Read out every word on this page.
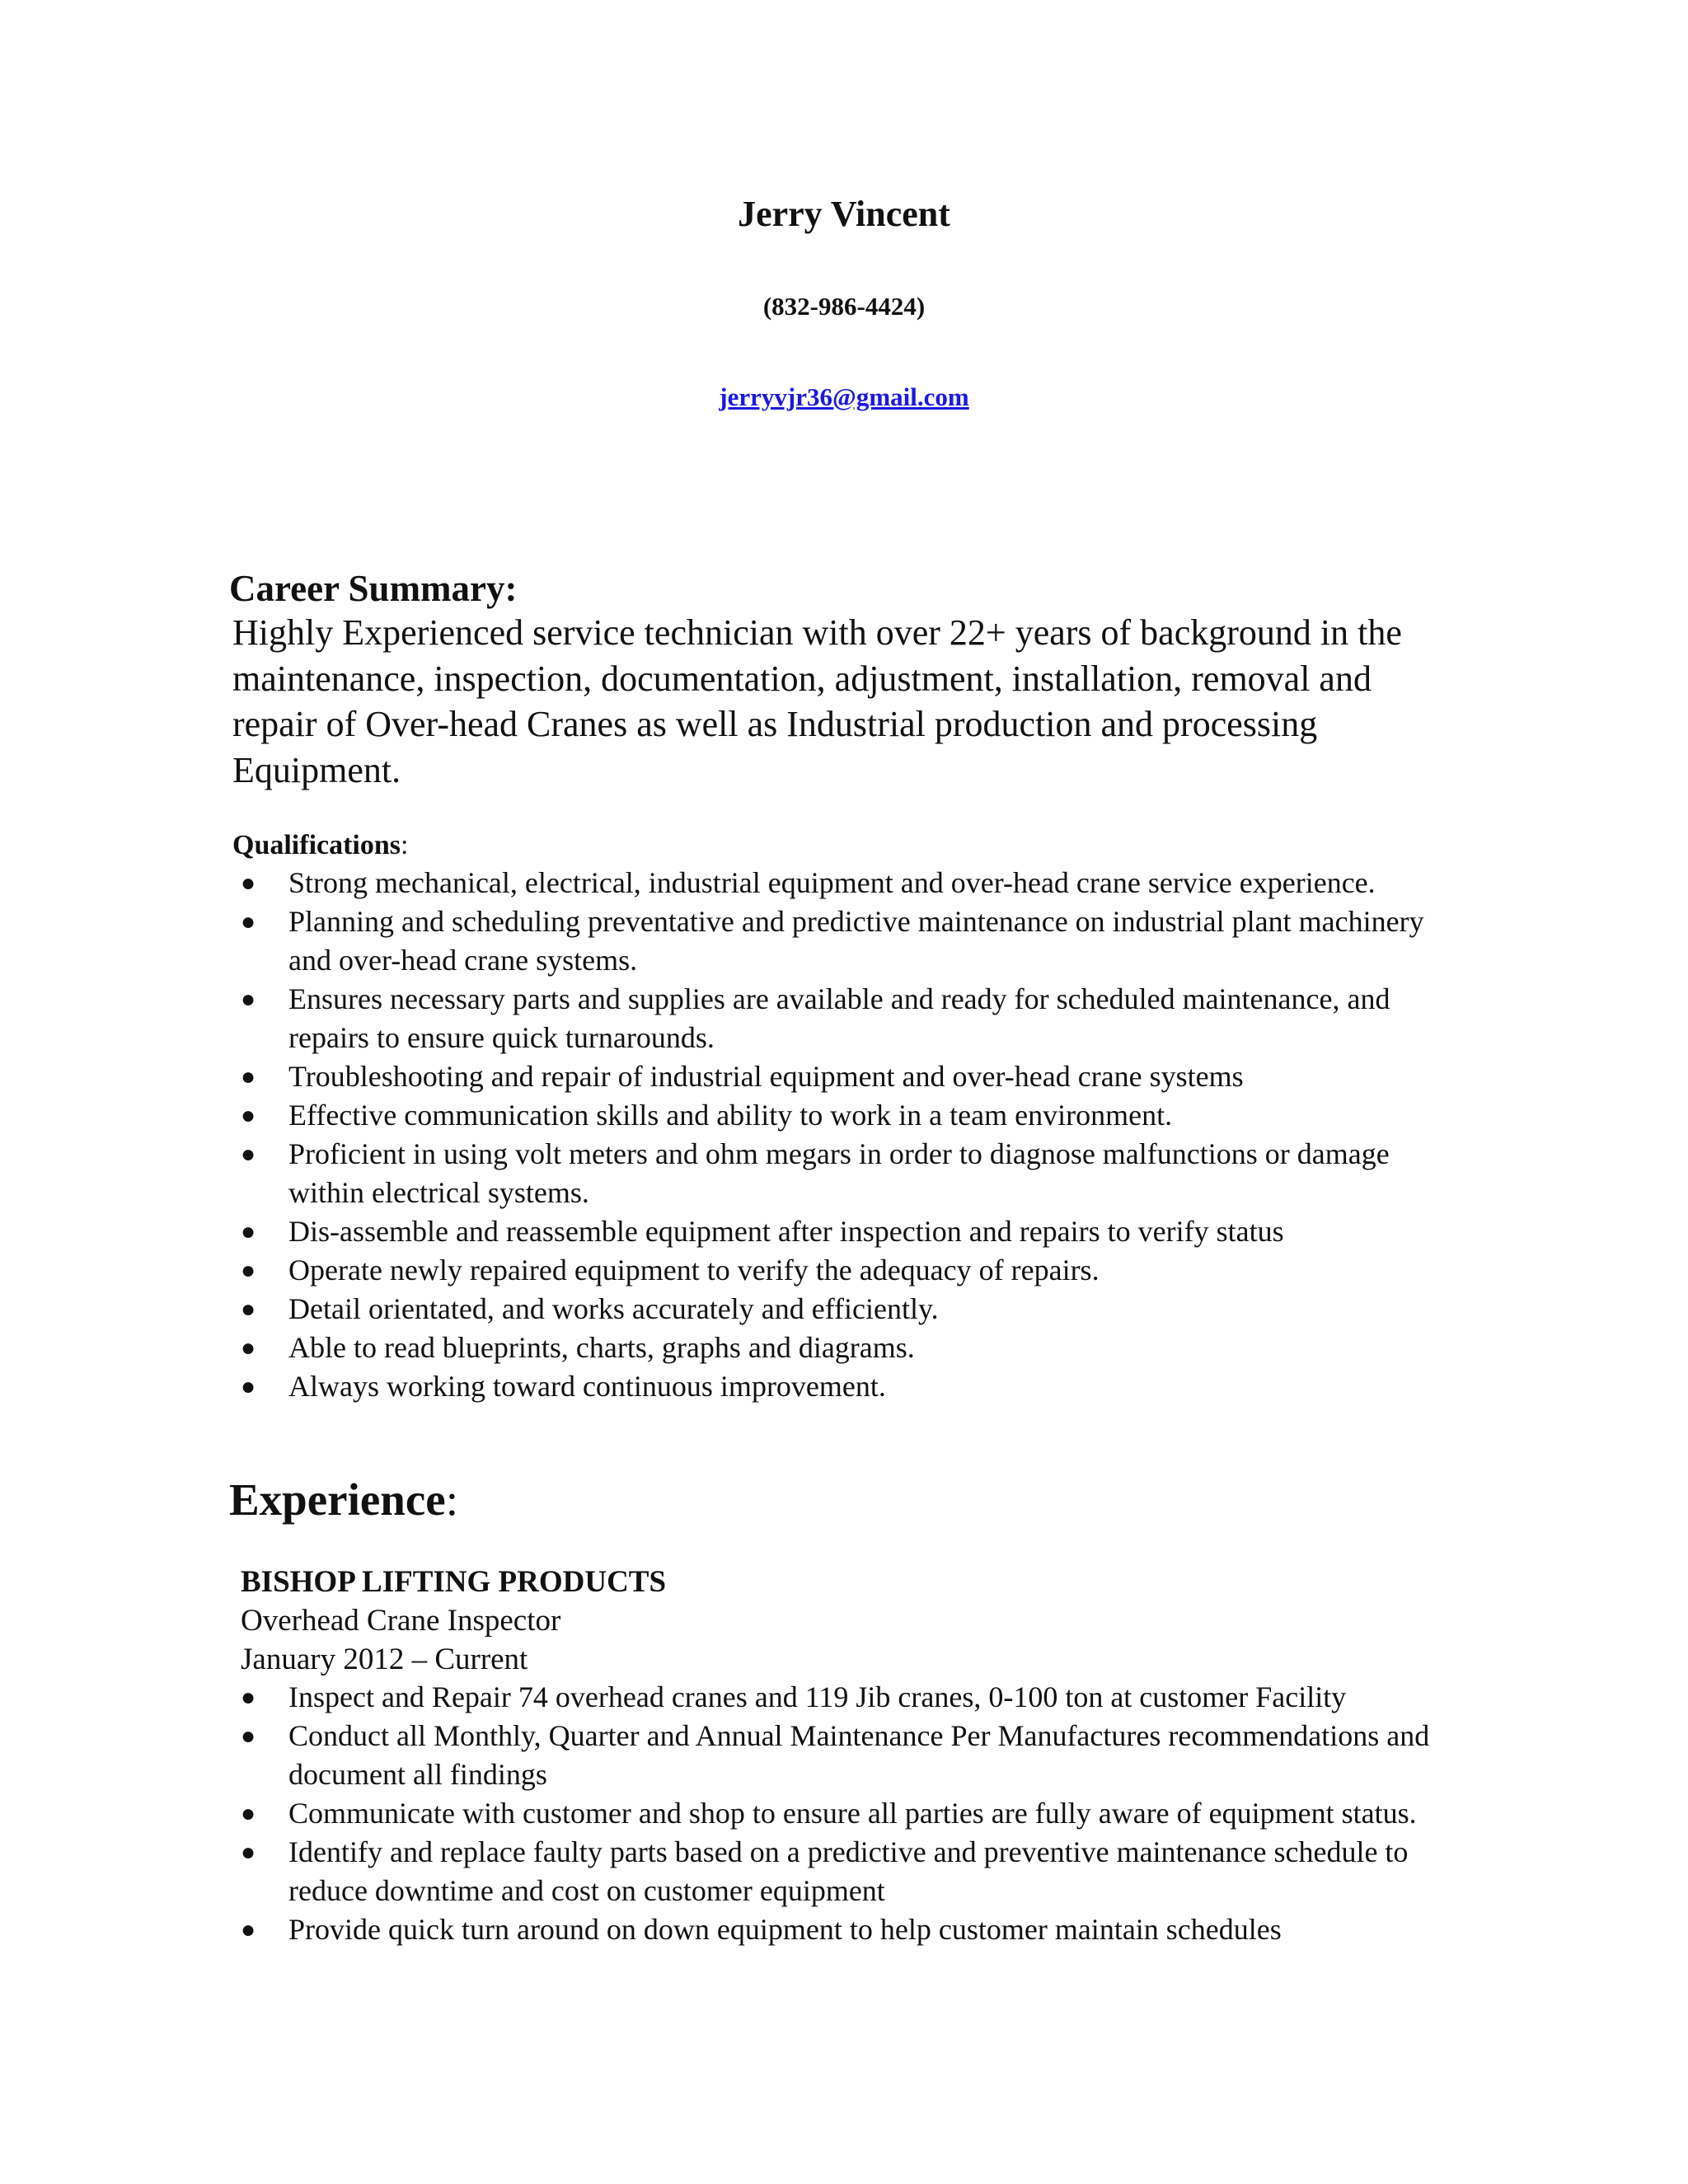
Jerry Vincent
(832-986-4424)
jerryvjr36@gmail.com
Career Summary:
Highly Experienced service technician with over 22+ years of background in the maintenance, inspection, documentation, adjustment, installation, removal and repair of Over-head Cranes as well as Industrial production and processing Equipment.
Qualifications:
● Strong mechanical, electrical, industrial equipment and over-head crane service experience.
● Planning and scheduling preventative and predictive maintenance on industrial plant machinery and over-head crane systems.
● Ensures necessary parts and supplies are available and ready for scheduled maintenance, and repairs to ensure quick turnarounds.
● Troubleshooting and repair of industrial equipment and over-head crane systems
● Effective communication skills and ability to work in a team environment.
● Proficient in using volt meters and ohm megars in order to diagnose malfunctions or damage within electrical systems.
● Dis-assemble and reassemble equipment after inspection and repairs to verify status
● Operate newly repaired equipment to verify the adequacy of repairs.
● Detail orientated, and works accurately and efficiently.
● Able to read blueprints, charts, graphs and diagrams.
● Always working toward continuous improvement.
Experience:
BISHOP LIFTING PRODUCTS
Overhead Crane Inspector
January 2012 – Current
● Inspect and Repair 74 overhead cranes and 119 Jib cranes, 0-100 ton at customer Facility
● Conduct all Monthly, Quarter and Annual Maintenance Per Manufactures recommendations and document all findings
● Communicate with customer and shop to ensure all parties are fully aware of equipment status.
● Identify and replace faulty parts based on a predictive and preventive maintenance schedule to reduce downtime and cost on customer equipment
● Provide quick turn around on down equipment to help customer maintain schedules
